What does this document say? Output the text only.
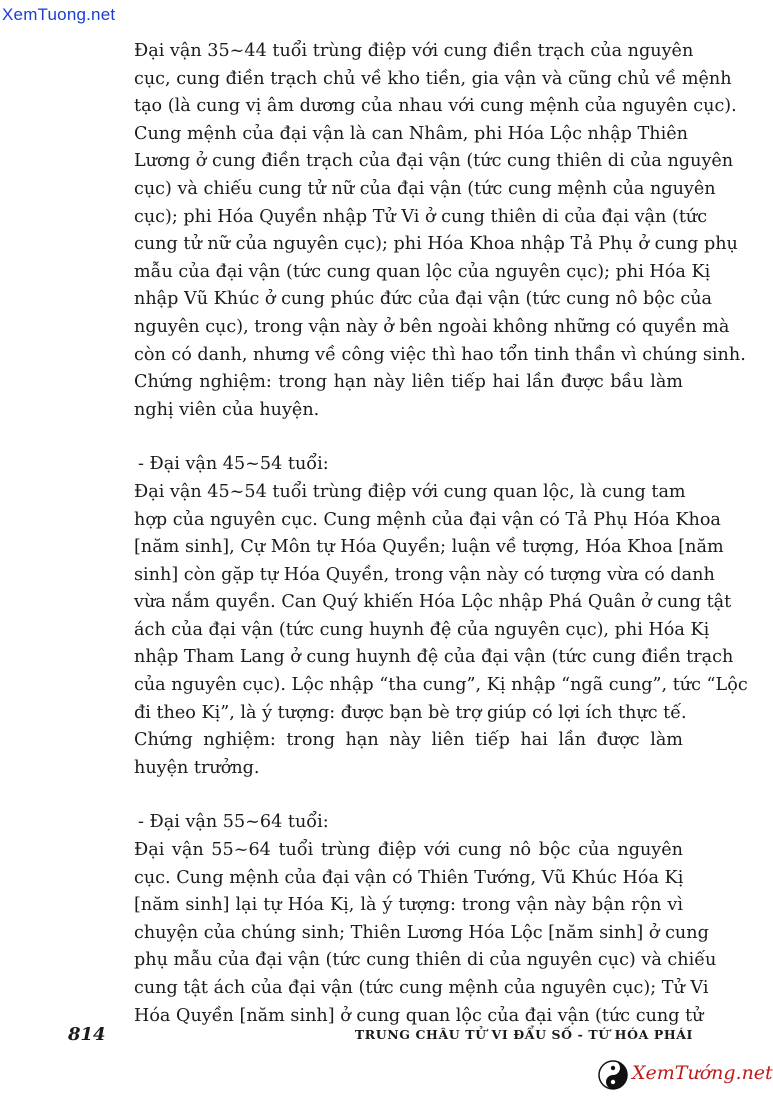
XemTuong.net

Đại vận 35~44 tuổi trùng điệp với cung điền trạch của nguyên
cục, cung điền trạch chủ về kho tiền, gia vận và cũng chủ về mệnh
tạo (là cung vị âm dương của nhau với cung mệnh của nguyên cục).
Cung mệnh của đại vận là can Nhâm, phi Hóa Lộc nhập Thiên
Lương ở cung điền trạch của đại vận (tức cung thiên di của nguyên
cục) và chiếu cung tử nữ của đại vận (tức cung mệnh của nguyên
cục); phi Hóa Quyền nhập Tử Vi ở cung thiên di của đại vận (tức
cung tử nữ của nguyên cục); phi Hóa Khoa nhập Tả Phụ ở cung phụ
mẫu của đại vận (tức cung quan lộc của nguyên cục); phi Hóa Kị
nhập Vũ Khúc ở cung phúc đức của đại vận (tức cung nô bộc của
nguyên cục), trong vận này ở bên ngoài không những có quyền mà
còn có danh, nhưng về công việc thì hao tổn tinh thần vì chúng sinh.

Chứng nghiệm: trong hạn này liên tiếp hai lần được bầu làm
nghị viên của huyện.

- Đại vận 45~54 tuổi:

Đại vận 45~54 tuổi trùng điệp với cung quan lộc, là cung tam
hợp của nguyên cục. Cung mệnh của đại vận có Tả Phụ Hóa Khoa
[năm sinh], Cự Môn tự Hóa Quyền; luận về tượng, Hóa Khoa [năm
sinh] còn gặp tự Hóa Quyền, trong vận này có tượng vừa có danh
vừa nắm quyền. Can Quý khiến Hóa Lộc nhập Phá Quân ở cung tật
ách của đại vận (tức cung huynh đệ của nguyên cục), phi Hóa Kị
nhập Tham Lang ở cung huynh đệ của đại vận (tức cung điền trạch
của nguyên cục). Lộc nhập “tha cung”, Kị nhập “ngã cung”, tức “Lộc
đi theo Kị”, là ý tượng: được bạn bè trợ giúp có lợi ích thực tế.

Chứng nghiệm: trong hạn này liên tiếp hai lần được làm
huyện trưởng.

- Đại vận 55~64 tuổi:

Đại vận 55~64 tuổi trùng điệp với cung nô bộc của nguyên
cục. Cung mệnh của đại vận có Thiên Tướng, Vũ Khúc Hóa Kị
[năm sinh] lại tự Hóa Kị, là ý tượng: trong vận này bận rộn vì
chuyện của chúng sinh; Thiên Lương Hóa Lộc [năm sinh] ở cung
phụ mẫu của đại vận (tức cung thiên di của nguyên cục) và chiếu
cung tật ách của đại vận (tức cung mệnh của nguyên cục); Tử Vi
Hóa Quyền [năm sinh] ở cung quan lộc của đại vận (tức cung tử

814	TRUNG CHÂU TỬ VI ĐẨU SỐ - TỨ HÓA PHÁI
XemTướng.net
